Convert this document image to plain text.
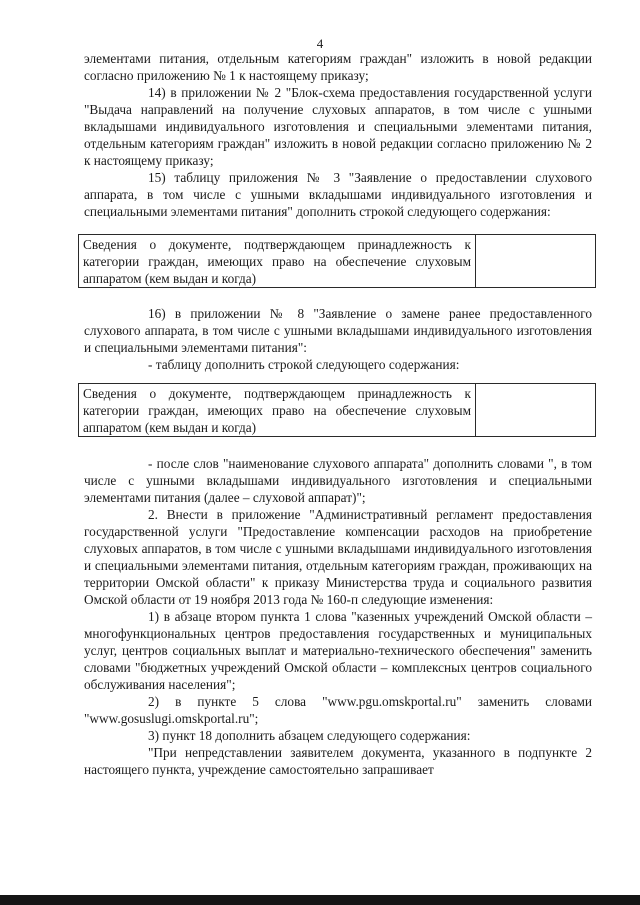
4

элементами питания, отдельным категориям граждан" изложить в новой редакции согласно приложению № 1 к настоящему приказу;

14) в приложении № 2 "Блок-схема предоставления государственной услуги "Выдача направлений на получение слуховых аппаратов, в том числе с ушными вкладышами индивидуального изготовления и специальными элементами питания, отдельным категориям граждан" изложить в новой редакции согласно приложению № 2 к настоящему приказу;

15) таблицу приложения № 3 "Заявление о предоставлении слухового аппарата, в том числе с ушными вкладышами индивидуального изготовления и специальными элементами питания" дополнить строкой следующего содержания:

Сведения о документе, подтверждающем принадлежность к категории граждан, имеющих право на обеспечение слуховым аппаратом (кем выдан и когда)	

16) в приложении № 8 "Заявление о замене ранее предоставленного слухового аппарата, в том числе с ушными вкладышами индивидуального изготовления и специальными элементами питания":

- таблицу дополнить строкой следующего содержания:

Сведения о документе, подтверждающем принадлежность к категории граждан, имеющих право на обеспечение слуховым аппаратом (кем выдан и когда)	

- после слов "наименование слухового аппарата" дополнить словами ", в том числе с ушными вкладышами индивидуального изготовления и специальными элементами питания (далее – слуховой аппарат)";

2. Внести в приложение "Административный регламент предоставления государственной услуги "Предоставление компенсации расходов на приобретение слуховых аппаратов, в том числе с ушными вкладышами индивидуального изготовления и специальными элементами питания, отдельным категориям граждан, проживающих на территории Омской области" к приказу Министерства труда и социального развития Омской области от 19 ноября 2013 года № 160-п следующие изменения:

1) в абзаце втором пункта 1 слова "казенных учреждений Омской области – многофункциональных центров предоставления государственных и муниципальных услуг, центров социальных выплат и материально-технического обеспечения" заменить словами "бюджетных учреждений Омской области – комплексных центров социального обслуживания населения";

2) в пункте 5 слова "www.pgu.omskportal.ru" заменить словами "www.gosuslugi.omskportal.ru";

3) пункт 18 дополнить абзацем следующего содержания:

"При непредставлении заявителем документа, указанного в подпункте 2 настоящего пункта, учреждение самостоятельно запрашивает
